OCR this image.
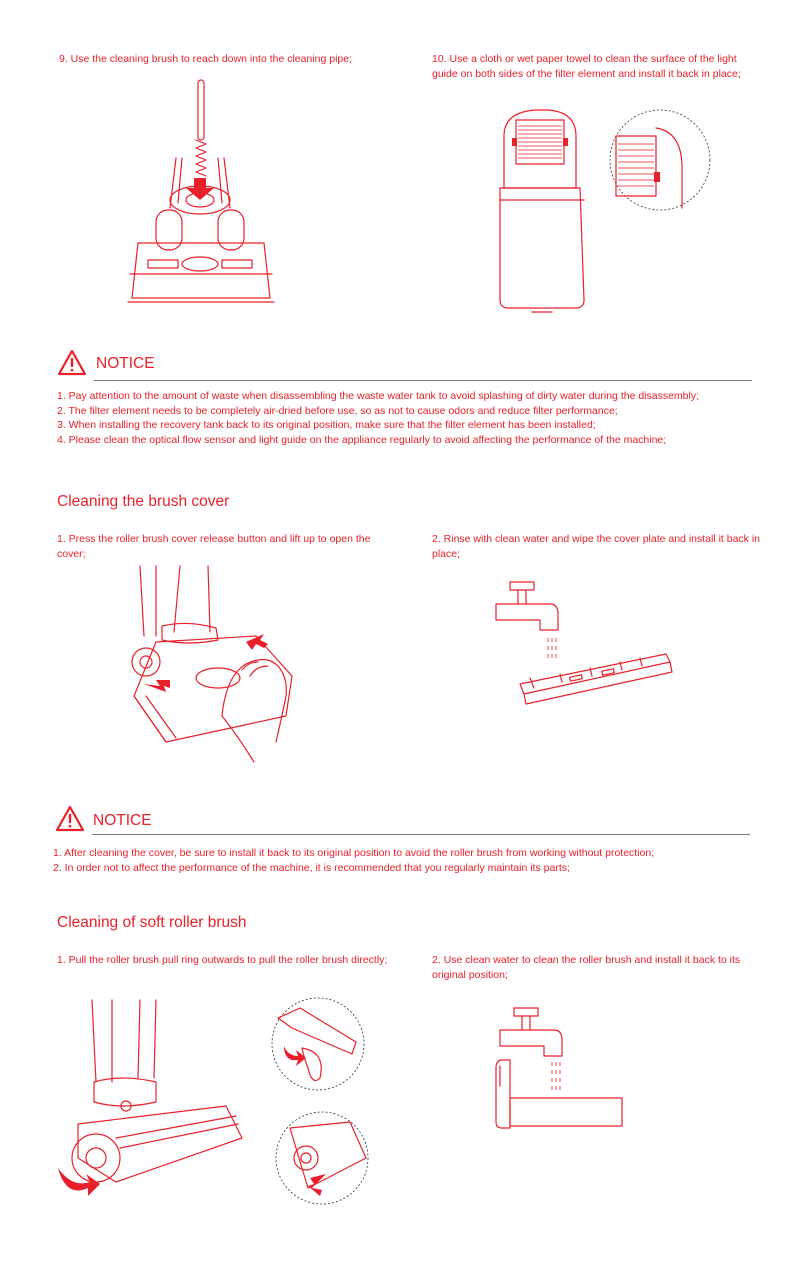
9. Use the cleaning brush to reach down into the cleaning pipe;	10. Use a cloth or wet paper towel to clean the surface of the light guide on both sides of the filter element and install it back in place;
NOTICE
1. Pay attention to the amount of waste when disassembling the waste water tank to avoid splashing of dirty water during the disassembly;
2. The filter element needs to be completely air-dried before use, so as not to cause odors and reduce filter performance;
3. When installing the recovery tank back to its original position, make sure that the filter element has been installed;
4. Please clean the optical flow sensor and light guide on the appliance regularly to avoid affecting the performance of the machine;
Cleaning the brush cover
1. Press the roller brush cover release button and lift up to open the cover;
2. Rinse with clean water and wipe the cover plate and install it back in place;
NOTICE
1. After cleaning the cover, be sure to install it back to its original position to avoid the roller brush from working without protection;
2. In order not to affect the performance of the machine, it is recommended that you regularly maintain its parts;
Cleaning of soft roller brush
1. Pull the roller brush pull ring outwards to pull the roller brush directly;	2. Use clean water to clean the roller brush and install it back to its original position;
